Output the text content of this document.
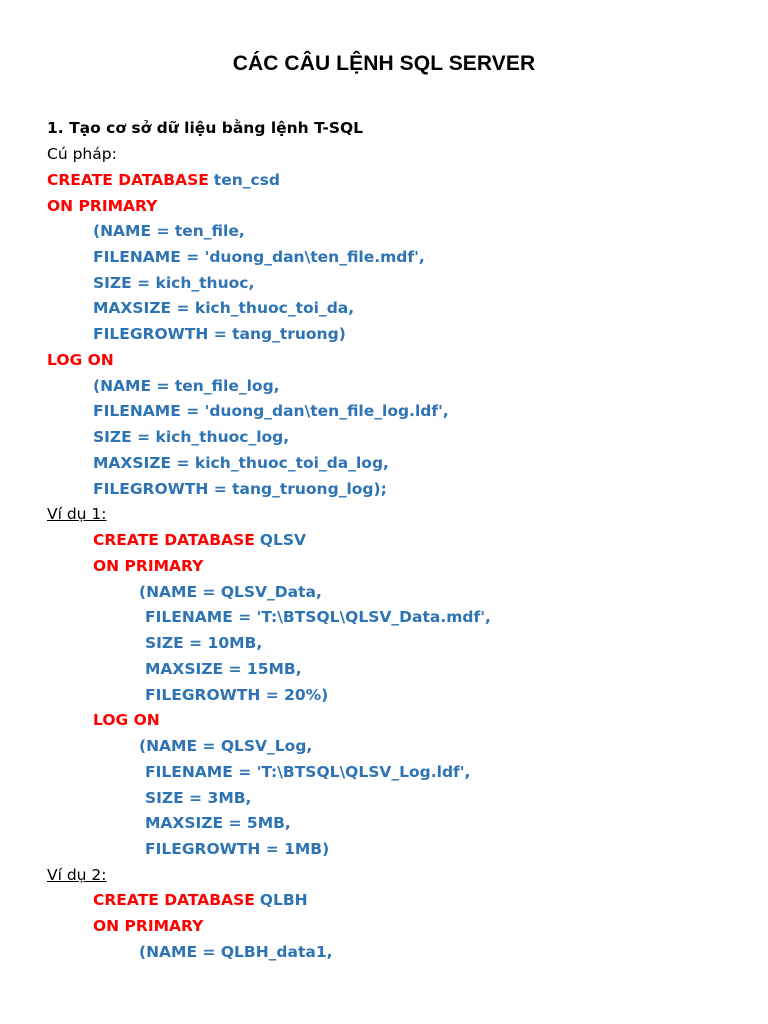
CÁC CÂU LỆNH SQL SERVER
1. Tạo cơ sở dữ liệu bằng lệnh T-SQL
Cú pháp:
CREATE DATABASE ten_csd
ON PRIMARY
(NAME = ten_file,
FILENAME = 'duong_dan\ten_file.mdf',
SIZE = kich_thuoc,
MAXSIZE = kich_thuoc_toi_da,
FILEGROWTH = tang_truong)
LOG ON
(NAME = ten_file_log,
FILENAME = 'duong_dan\ten_file_log.ldf',
SIZE = kich_thuoc_log,
MAXSIZE = kich_thuoc_toi_da_log,
FILEGROWTH = tang_truong_log);
Ví dụ 1:
CREATE DATABASE QLSV
ON PRIMARY
(NAME = QLSV_Data,
FILENAME = 'T:\BTSQL\QLSV_Data.mdf',
SIZE = 10MB,
MAXSIZE = 15MB,
FILEGROWTH = 20%)
LOG ON
(NAME = QLSV_Log,
FILENAME = 'T:\BTSQL\QLSV_Log.ldf',
SIZE = 3MB,
MAXSIZE = 5MB,
FILEGROWTH = 1MB)
Ví dụ 2:
CREATE DATABASE QLBH
ON PRIMARY
(NAME = QLBH_data1,
